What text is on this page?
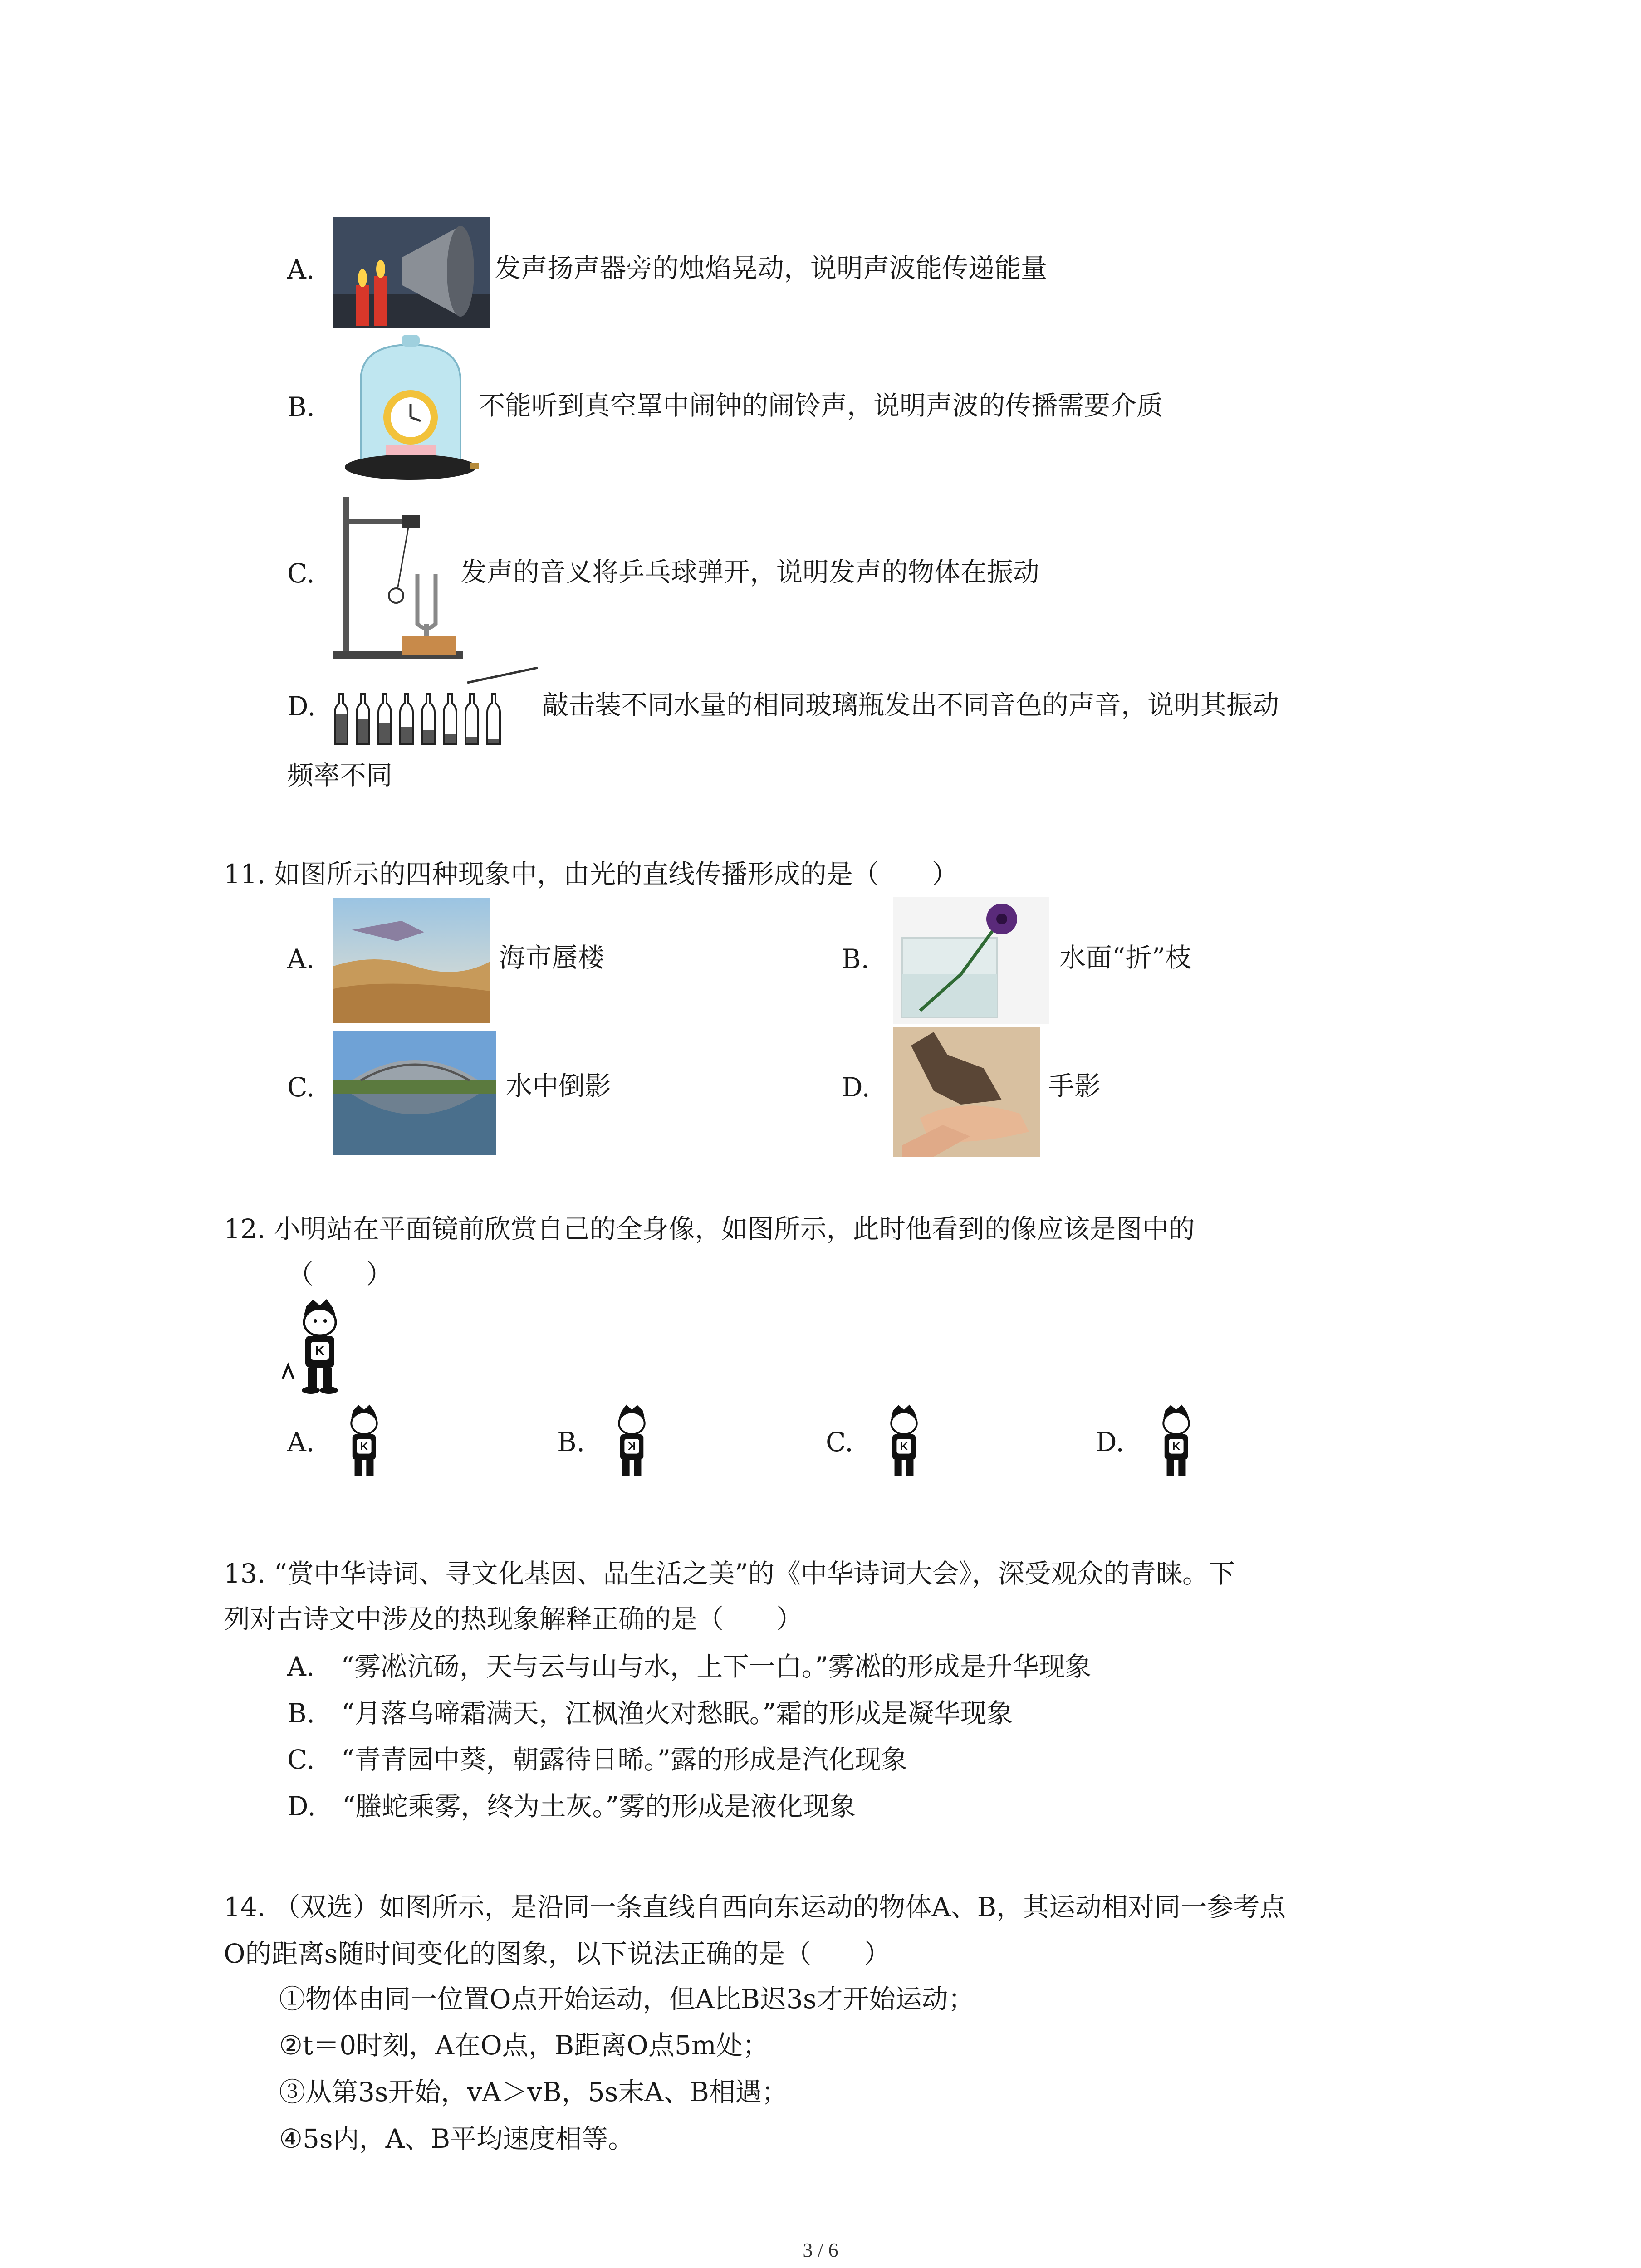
A.	发声扬声器旁的烛焰晃动，说明声波能传递能量
B.	不能听到真空罩中闹钟的闹铃声，说明声波的传播需要介质
C.	发声的音叉将乒乓球弹开，说明发声的物体在振动
D.	敲击装不同水量的相同玻璃瓶发出不同音色的声音，说明其振动
频率不同
11. 如图所示的四种现象中，由光的直线传播形成的是（　　）
A.	海市蜃楼	B.	水面“折”枝
C.	水中倒影	D.	手影
12. 小明站在平面镜前欣赏自己的全身像，如图所示，此时他看到的像应该是图中的
（　　）
K
A.	K	B.	K	C.	K	D.	K
13. “赏中华诗词、寻文化基因、品生活之美”的《中华诗词大会》，深受观众的青睐。下
列对古诗文中涉及的热现象解释正确的是（　　）
A.　“雾凇沆砀，天与云与山与水，上下一白。”雾凇的形成是升华现象
B.　“月落乌啼霜满天，江枫渔火对愁眠。”霜的形成是凝华现象
C.　“青青园中葵，朝露待日晞。”露的形成是汽化现象
D.　“螣蛇乘雾，终为土灰。”雾的形成是液化现象
14. （双选）如图所示，是沿同一条直线自西向东运动的物体A、B，其运动相对同一参考点
O的距离s随时间变化的图象，以下说法正确的是（　　）
①物体由同一位置O点开始运动，但A比B迟3s才开始运动；
②t＝0时刻，A在O点，B距离O点5m处；
③从第3s开始，vA＞vB，5s末A、B相遇；
④5s内，A、B平均速度相等。
3 / 6
